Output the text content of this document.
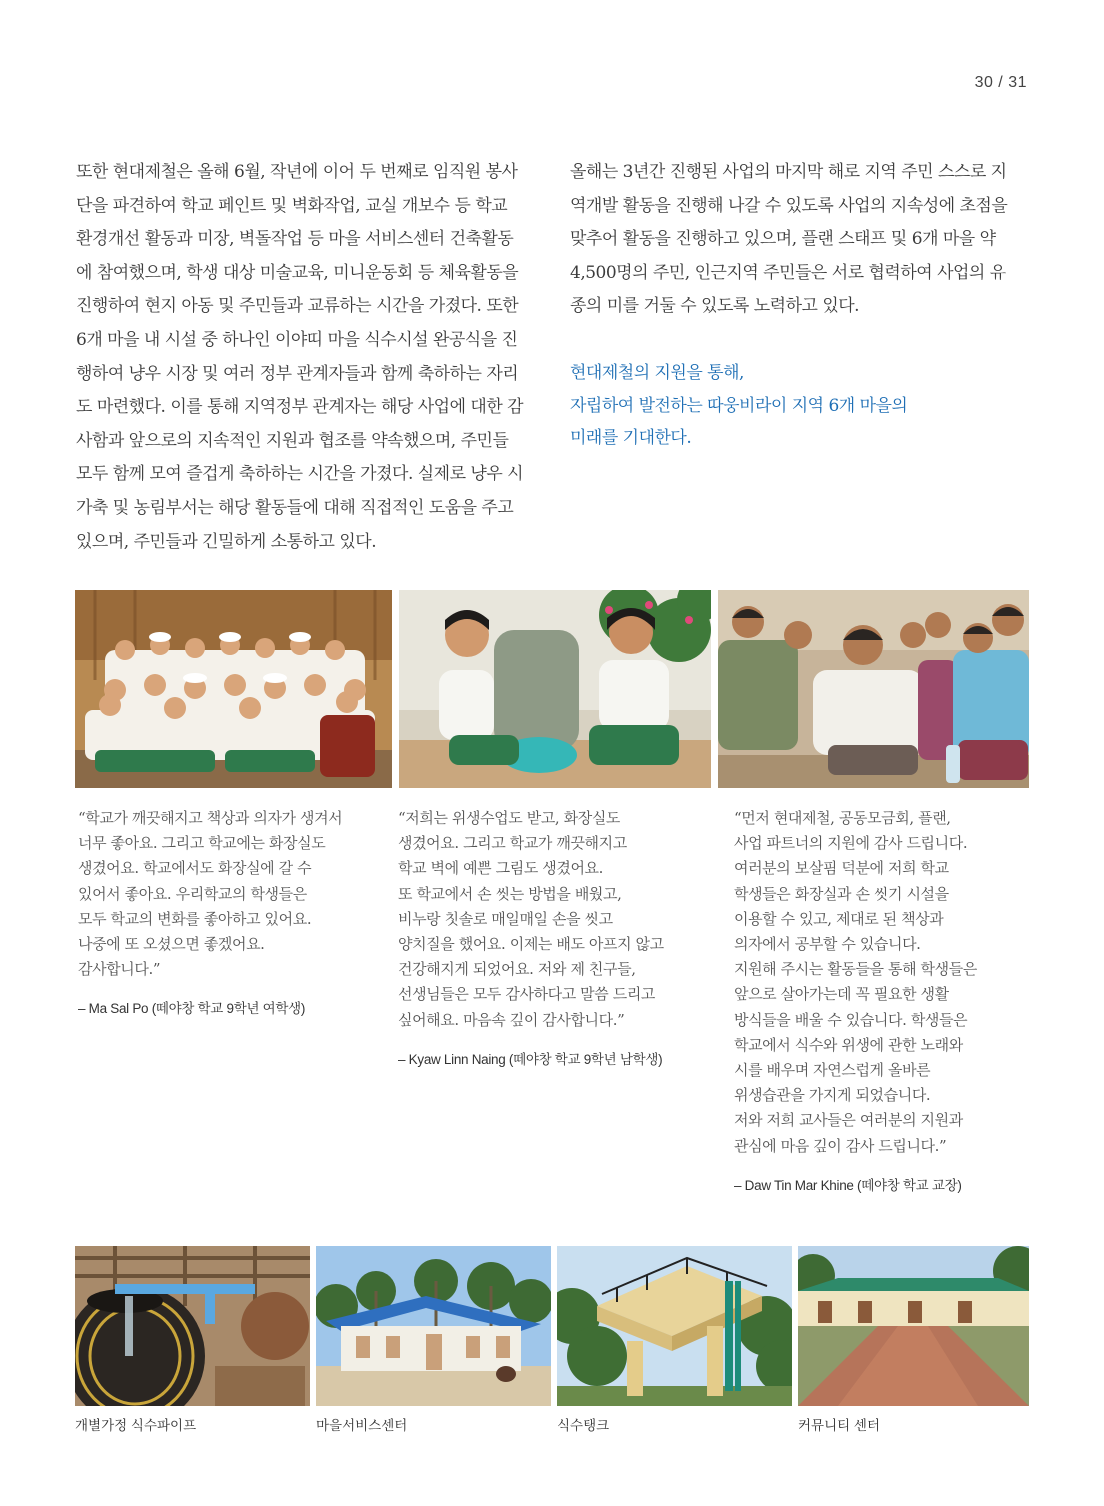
30 / 31
또한 현대제철은 올해 6월, 작년에 이어 두 번째로 임직원 봉사
단을 파견하여 학교 페인트 및 벽화작업, 교실 개보수 등 학교
환경개선 활동과 미장, 벽돌작업 등 마을 서비스센터 건축활동
에 참여했으며, 학생 대상 미술교육, 미니운동회 등 체육활동을
진행하여 현지 아동 및 주민들과 교류하는 시간을 가졌다. 또한
6개 마을 내 시설 중 하나인 이야띠 마을 식수시설 완공식을 진
행하여 냥우 시장 및 여러 정부 관계자들과 함께 축하하는 자리
도 마련했다. 이를 통해 지역정부 관계자는 해당 사업에 대한 감
사함과 앞으로의 지속적인 지원과 협조를 약속했으며, 주민들
모두 함께 모여 즐겁게 축하하는 시간을 가졌다. 실제로 냥우 시
가축 및 농림부서는 해당 활동들에 대해 직접적인 도움을 주고
있으며, 주민들과 긴밀하게 소통하고 있다.
올해는 3년간 진행된 사업의 마지막 해로 지역 주민 스스로 지
역개발 활동을 진행해 나갈 수 있도록 사업의 지속성에 초점을
맞추어 활동을 진행하고 있으며, 플랜 스태프 및 6개 마을 약
4,500명의 주민, 인근지역 주민들은 서로 협력하여 사업의 유
종의 미를 거둘 수 있도록 노력하고 있다.
현대제철의 지원을 통해,
자립하여 발전하는 따웅비라이 지역 6개 마을의
미래를 기대한다.
“학교가 깨끗해지고 책상과 의자가 생겨서
너무 좋아요. 그리고 학교에는 화장실도
생겼어요. 학교에서도 화장실에 갈 수
있어서 좋아요. 우리학교의 학생들은
모두 학교의 변화를 좋아하고 있어요.
나중에 또 오셨으면 좋겠어요.
감사합니다.”
– Ma Sal Po (떼야창 학교 9학년 여학생)
“저희는 위생수업도 받고, 화장실도
생겼어요. 그리고 학교가 깨끗해지고
학교 벽에 예쁜 그림도 생겼어요.
또 학교에서 손 씻는 방법을 배웠고,
비누랑 칫솔로 매일매일 손을 씻고
양치질을 했어요. 이제는 배도 아프지 않고
건강해지게 되었어요. 저와 제 친구들,
선생님들은 모두 감사하다고 말씀 드리고
싶어해요. 마음속 깊이 감사합니다.”
– Kyaw Linn Naing (떼야창 학교 9학년 남학생)
“먼저 현대제철, 공동모금회, 플랜,
사업 파트너의 지원에 감사 드립니다.
여러분의 보살핌 덕분에 저희 학교
학생들은 화장실과 손 씻기 시설을
이용할 수 있고, 제대로 된 책상과
의자에서 공부할 수 있습니다.
지원해 주시는 활동들을 통해 학생들은
앞으로 살아가는데 꼭 필요한 생활
방식들을 배울 수 있습니다. 학생들은
학교에서 식수와 위생에 관한 노래와
시를 배우며 자연스럽게 올바른
위생습관을 가지게 되었습니다.
저와 저희 교사들은 여러분의 지원과
관심에 마음 깊이 감사 드립니다.”
– Daw Tin Mar Khine (떼야창 학교 교장)
개별가정 식수파이프	마을서비스센터	식수탱크	커뮤니티 센터
